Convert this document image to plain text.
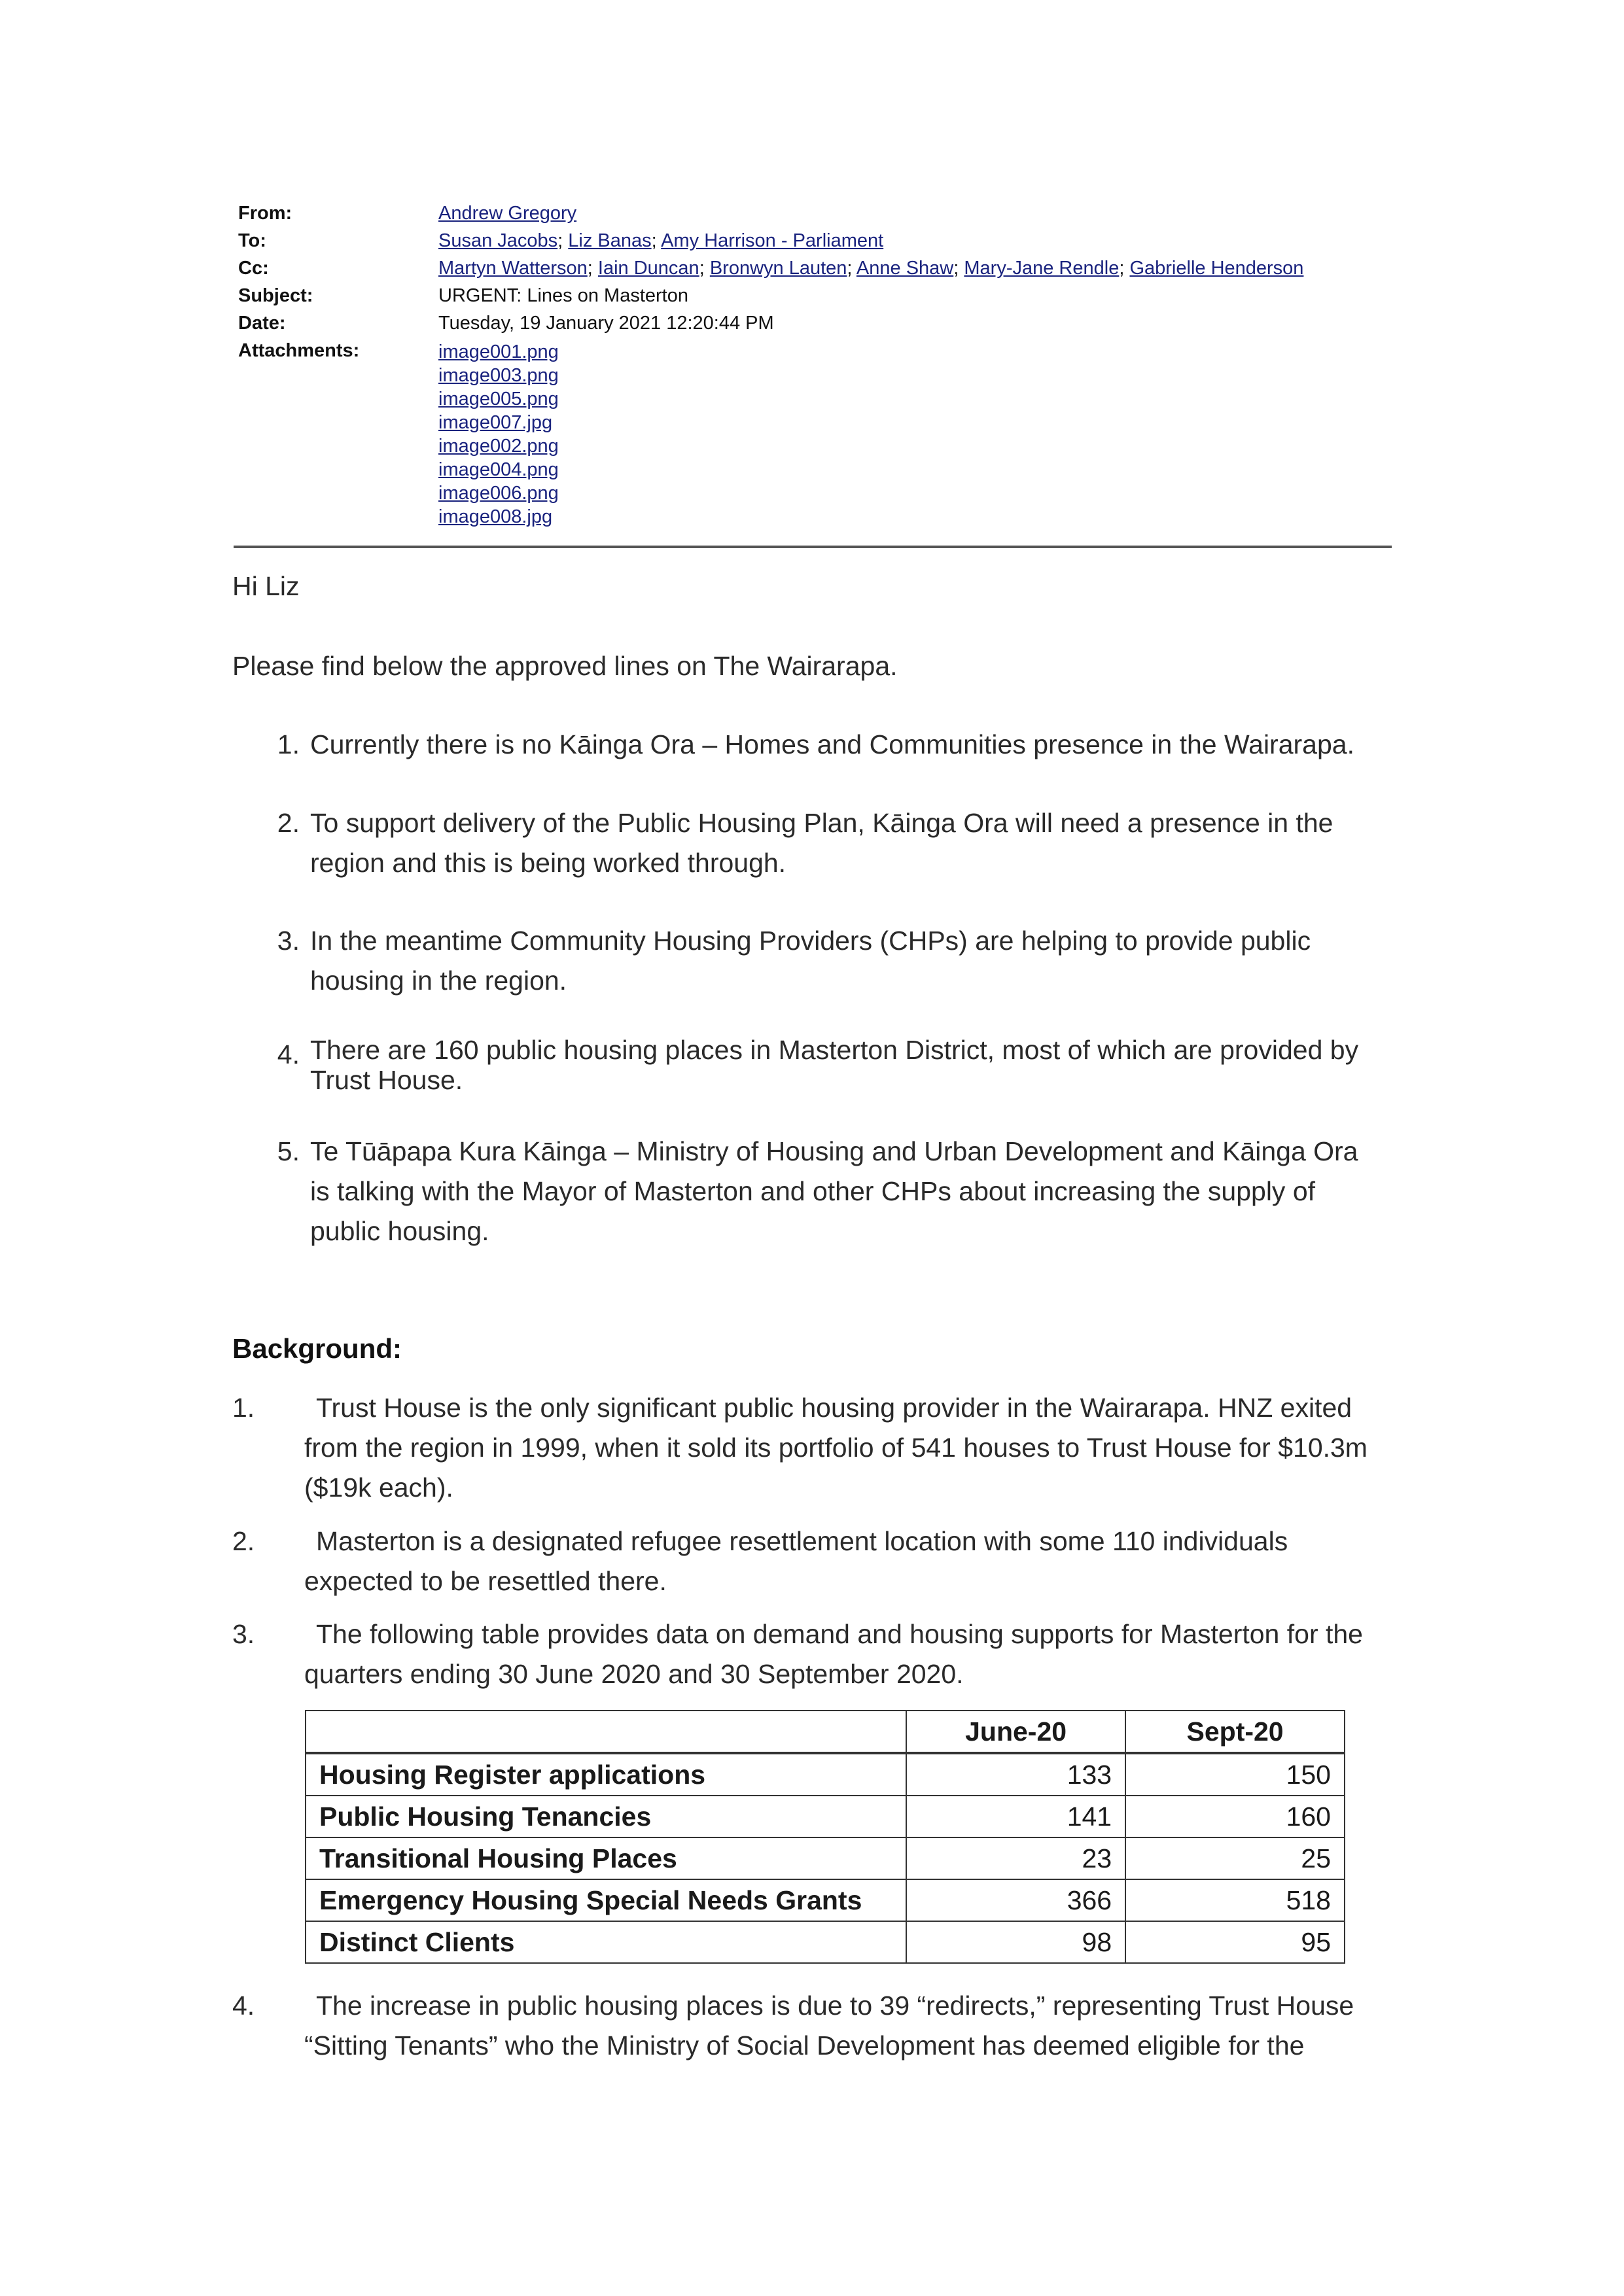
From:	Andrew Gregory
To:	Susan Jacobs; Liz Banas; Amy Harrison - Parliament
Cc:	Martyn Watterson; Iain Duncan; Bronwyn Lauten; Anne Shaw; Mary-Jane Rendle; Gabrielle Henderson
Subject:	URGENT: Lines on Masterton
Date:	Tuesday, 19 January 2021 12:20:44 PM
Attachments:	image001.png
image003.png
image005.png
image007.jpg
image002.png
image004.png
image006.png
image008.jpg
Hi Liz
Please find below the approved lines on The Wairarapa.
1. Currently there is no Kāinga Ora – Homes and Communities presence in the Wairarapa.
2. To support delivery of the Public Housing Plan, Kāinga Ora will need a presence in the region and this is being worked through.
3. In the meantime Community Housing Providers (CHPs) are helping to provide public housing in the region.
4. There are 160 public housing places in Masterton District, most of which are provided by Trust House.
5. Te Tūāpapa Kura Kāinga – Ministry of Housing and Urban Development and Kāinga Ora is talking with the Mayor of Masterton and other CHPs about increasing the supply of public housing.
Background:
1.	Trust House is the only significant public housing provider in the Wairarapa. HNZ exited from the region in 1999, when it sold its portfolio of 541 houses to Trust House for $10.3m ($19k each).
2.	Masterton is a designated refugee resettlement location with some 110 individuals expected to be resettled there.
3.	The following table provides data on demand and housing supports for Masterton for the quarters ending 30 June 2020 and 30 September 2020.
	June-20	Sept-20
Housing Register applications	133	150
Public Housing Tenancies	141	160
Transitional Housing Places	23	25
Emergency Housing Special Needs Grants	366	518
Distinct Clients	98	95
4.	The increase in public housing places is due to 39 “redirects,” representing Trust House “Sitting Tenants” who the Ministry of Social Development has deemed eligible for the
